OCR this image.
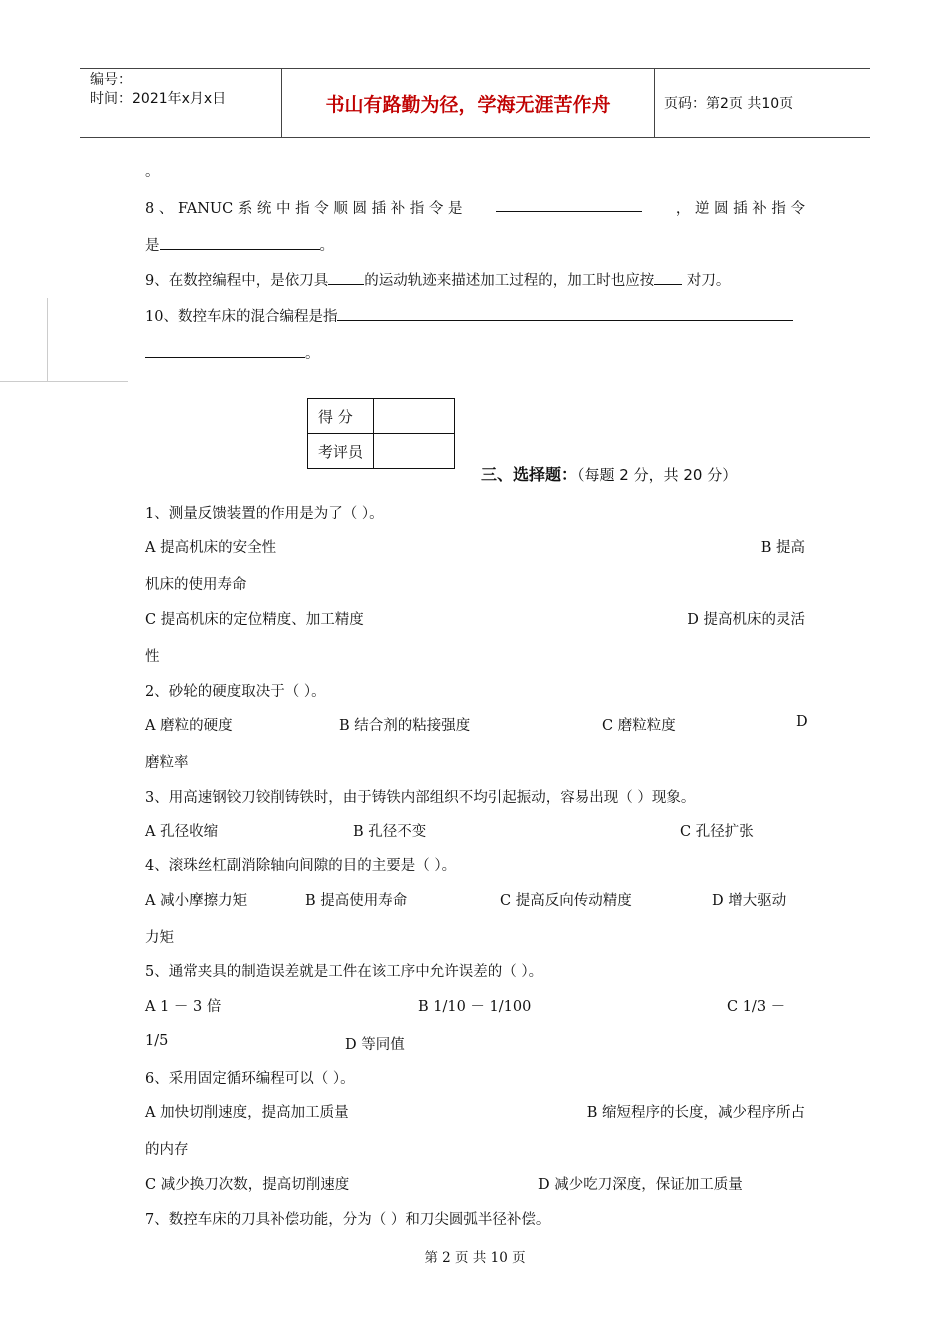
编号：
时间：2021年x月x日	书山有路勤为径，学海无涯苦作舟	页码：第2页 共10页
。
8 、 FANUC 系 统 中 指 令 顺 圆 插 补 指 令 是	， 逆 圆 插 补 指 令
是	。
9、在数控编程中，是依刀具 的运动轨迹来描述加工过程的，加工时也应按 对刀。
10、数控车床的混合编程是指
。
得 分	
考评员	
三、选择题：（每题 2 分，共 20 分）
1、测量反馈装置的作用是为了（ ）。
A 提高机床的安全性	B 提高
机床的使用寿命
C 提高机床的定位精度、加工精度	D 提高机床的灵活
性
2、砂轮的硬度取决于（ ）。
A 磨粒的硬度	B 结合剂的粘接强度	C 磨粒粒度	D
磨粒率
3、用高速钢铰刀铰削铸铁时，由于铸铁内部组织不均引起振动，容易出现（ ）现象。
A 孔径收缩	B 孔径不变	C 孔径扩张
4、滚珠丝杠副消除轴向间隙的目的主要是（ ）。
A 减小摩擦力矩	B 提高使用寿命	C 提高反向传动精度	D 增大驱动
力矩
5、通常夹具的制造误差就是工件在该工序中允许误差的（ ）。
A 1 － 3 倍	B 1/10 － 1/100	C 1/3 －
1/5	D 等同值
6、采用固定循环编程可以（ ）。
A 加快切削速度，提高加工质量	B 缩短程序的长度，减少程序所占
的内存
C 减少换刀次数，提高切削速度	D 减少吃刀深度，保证加工质量
7、数控车床的刀具补偿功能，分为（ ）和刀尖圆弧半径补偿。
第 2 页 共 10 页
